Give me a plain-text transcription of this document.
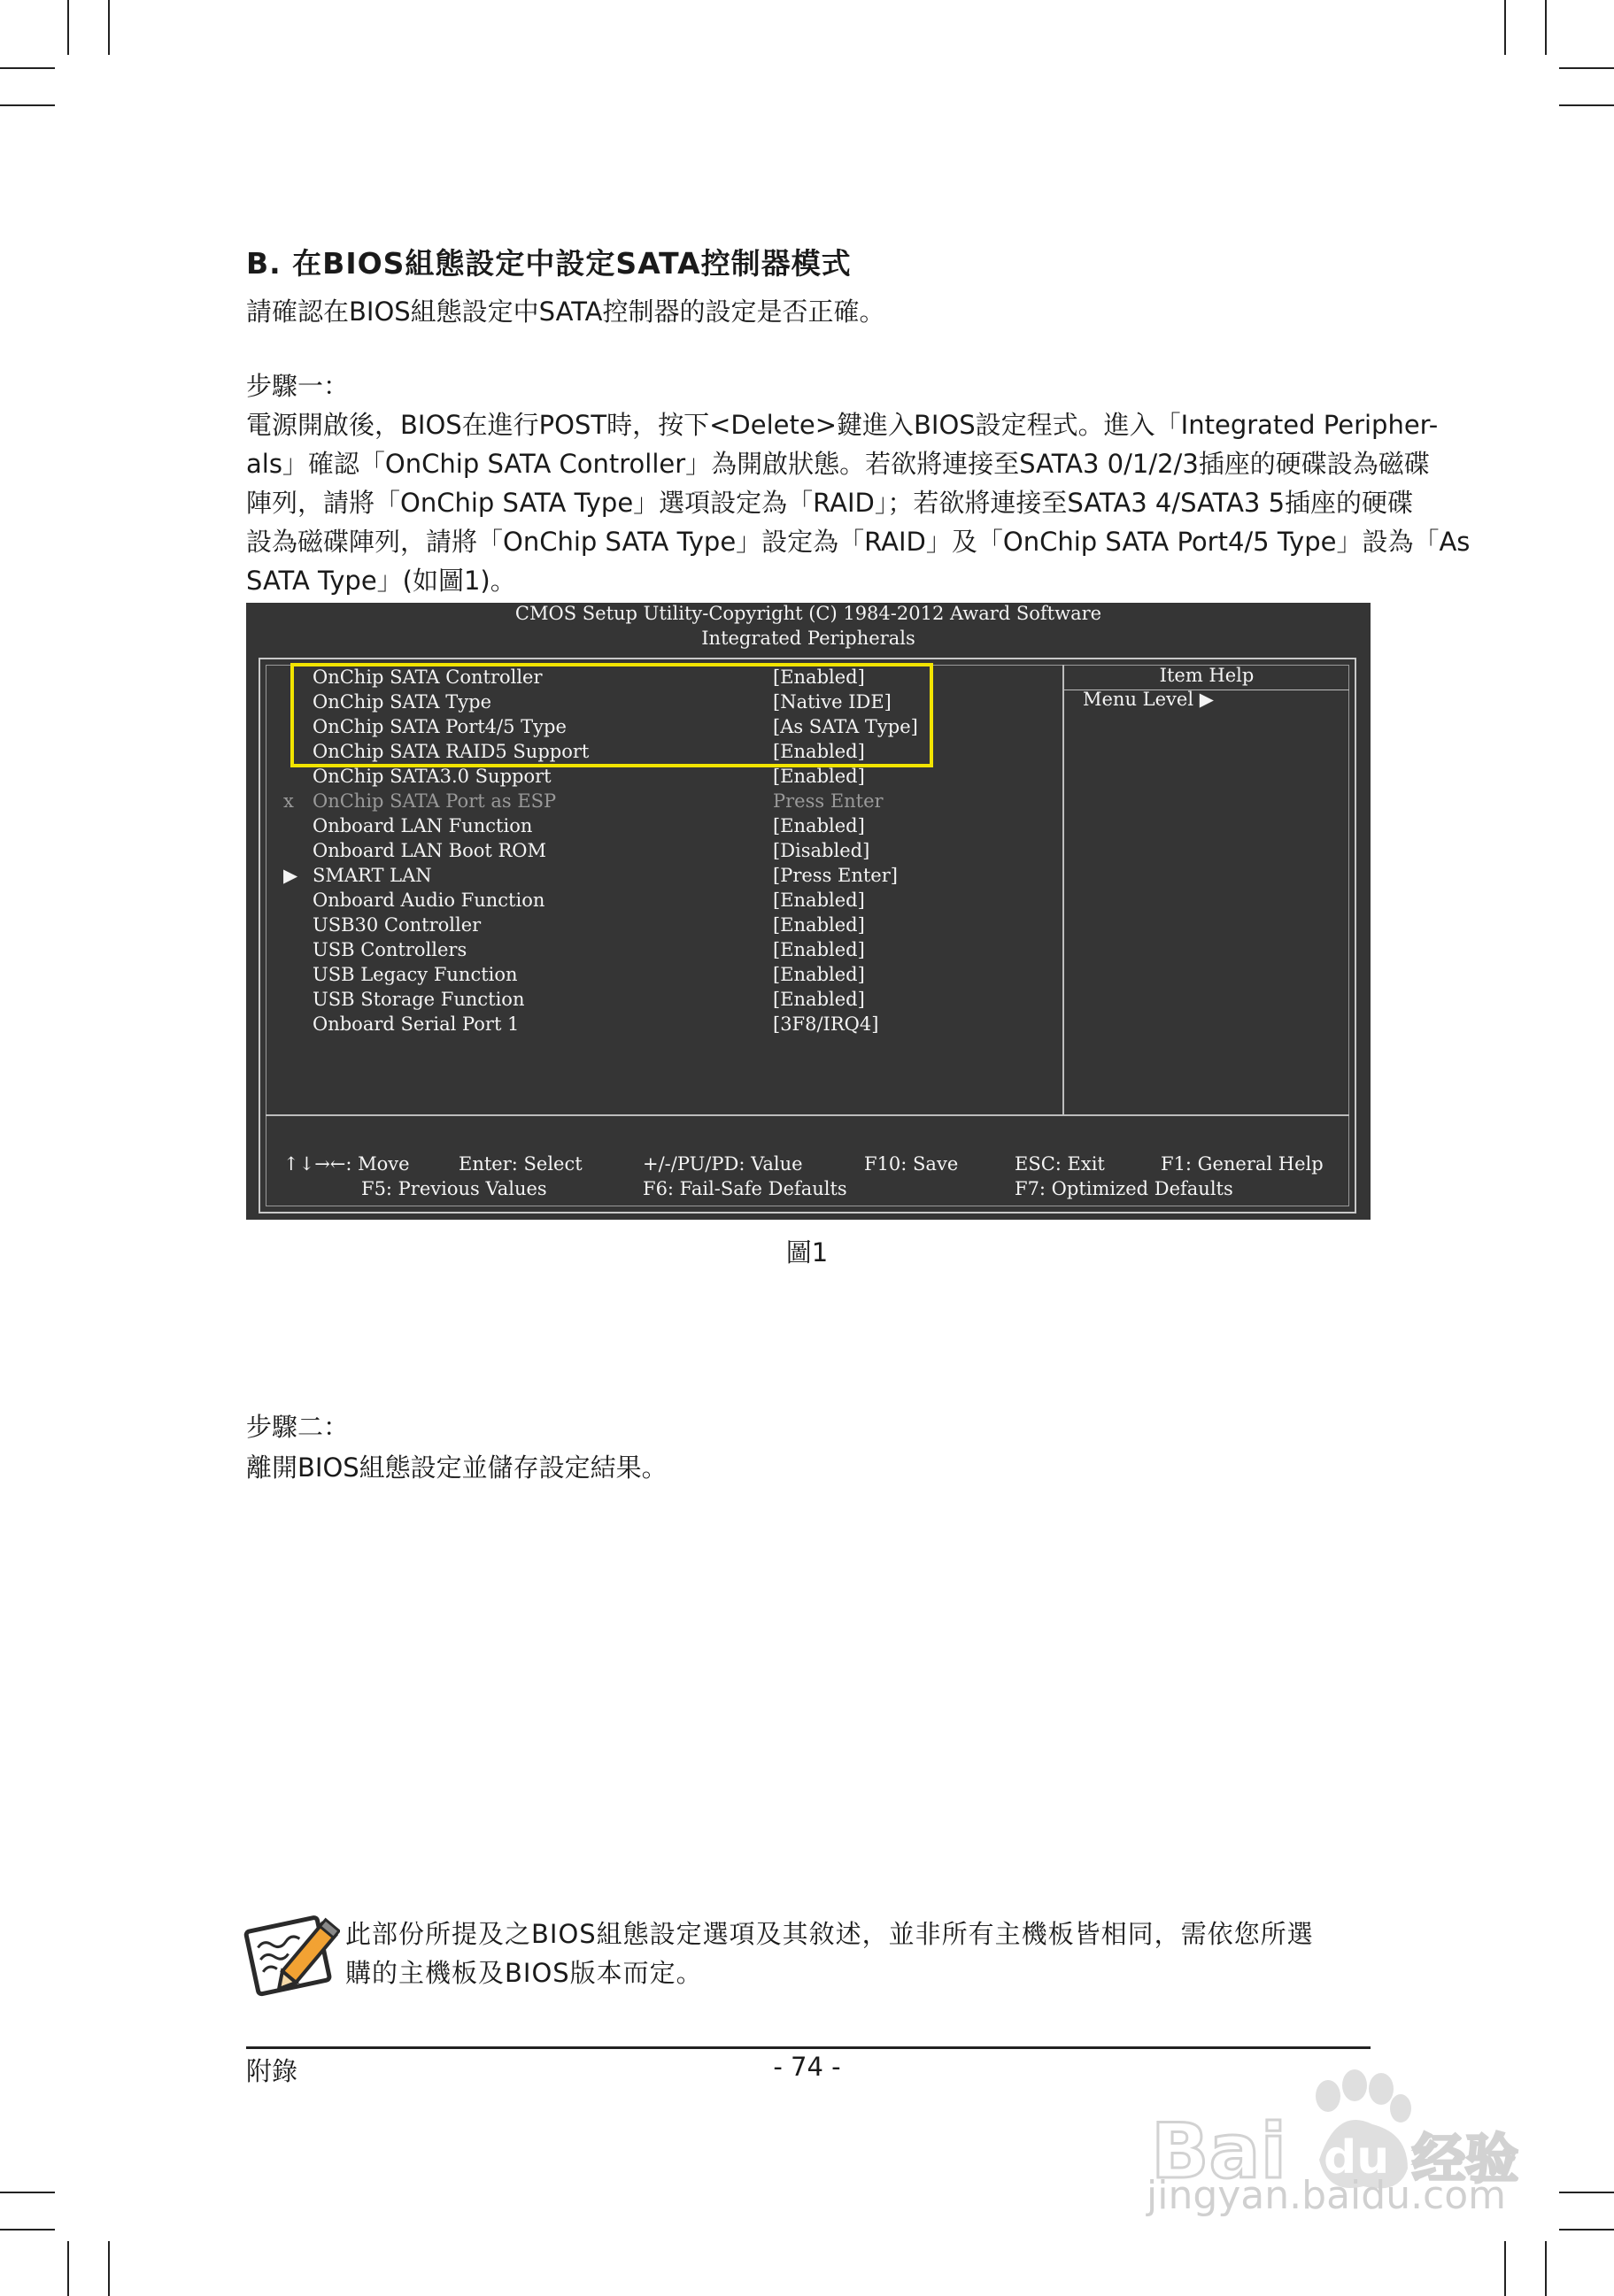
B. 在BIOS組態設定中設定SATA控制器模式
請確認在BIOS組態設定中SATA控制器的設定是否正確。
步驟一：
電源開啟後，BIOS在進行POST時，按下<Delete>鍵進入BIOS設定程式。進入「Integrated Peripher-
als」確認「OnChip SATA Controller」為開啟狀態。若欲將連接至SATA3 0/1/2/3插座的硬碟設為磁碟
陣列，請將「OnChip SATA Type」選項設定為「RAID」；若欲將連接至SATA3 4/SATA3 5插座的硬碟
設為磁碟陣列，請將「OnChip SATA Type」設定為「RAID」及「OnChip SATA Port4/5 Type」設為「As
SATA Type」(如圖1)。
CMOS Setup Utility-Copyright (C) 1984-2012 Award Software
Integrated Peripherals
OnChip SATA Controller	[Enabled]
OnChip SATA Type	[Native IDE]
OnChip SATA Port4/5 Type	[As SATA Type]
OnChip SATA RAID5 Support	[Enabled]
OnChip SATA3.0 Support	[Enabled]
x OnChip SATA Port as ESP	Press Enter
Onboard LAN Function	[Enabled]
Onboard LAN Boot ROM	[Disabled]
▶ SMART LAN	[Press Enter]
Onboard Audio Function	[Enabled]
USB30 Controller	[Enabled]
USB Controllers	[Enabled]
USB Legacy Function	[Enabled]
USB Storage Function	[Enabled]
Onboard Serial Port 1	[3F8/IRQ4]
Item Help
Menu Level ▶
↑↓→←: Move	Enter: Select	+/-/PU/PD: Value	F10: Save	ESC: Exit	F1: General Help
F5: Previous Values	F6: Fail-Safe Defaults	F7: Optimized Defaults
圖1
步驟二：
離開BIOS組態設定並儲存設定結果。
此部份所提及之BIOS組態設定選項及其敘述，並非所有主機板皆相同，需依您所選
購的主機板及BIOS版本而定。
附錄	- 74 -
Bai du 经验
jingyan.baidu.com
